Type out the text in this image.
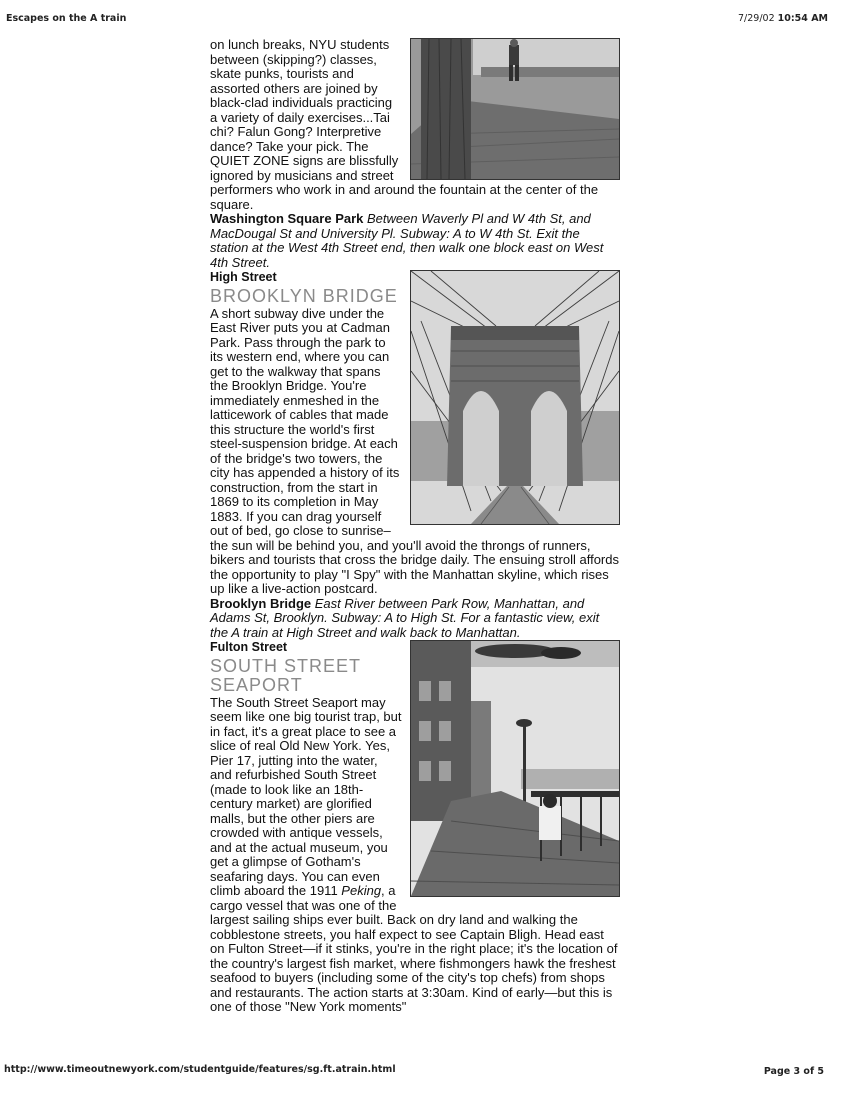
Escapes on the A train	7/29/02 10:54 AM

on lunch breaks, NYU students between (skipping?) classes, skate punks, tourists and assorted others are joined by black-clad individuals practicing a variety of daily exercises...Tai chi? Falun Gong? Interpretive dance? Take your pick. The QUIET ZONE signs are blissfully ignored by musicians and street performers who work in and around the fountain at the center of the square.

Washington Square Park Between Waverly Pl and W 4th St, and MacDougal St and University Pl. Subway: A to W 4th St. Exit the station at the West 4th Street end, then walk one block east on West 4th Street.

High Street
BROOKLYN BRIDGE

A short subway dive under the East River puts you at Cadman Park. Pass through the park to its western end, where you can get to the walkway that spans the Brooklyn Bridge. You're immediately enmeshed in the latticework of cables that made this structure the world's first steel-suspension bridge. At each of the bridge's two towers, the city has appended a history of its construction, from the start in 1869 to its completion in May 1883. If you can drag yourself out of bed, go close to sunrise–the sun will be behind you, and you'll avoid the throngs of runners, bikers and tourists that cross the bridge daily. The ensuing stroll affords the opportunity to play "I Spy" with the Manhattan skyline, which rises up like a live-action postcard.

Brooklyn Bridge East River between Park Row, Manhattan, and Adams St, Brooklyn. Subway: A to High St. For a fantastic view, exit the A train at High Street and walk back to Manhattan.

Fulton Street
SOUTH STREET SEAPORT

The South Street Seaport may seem like one big tourist trap, but in fact, it's a great place to see a slice of real Old New York. Yes, Pier 17, jutting into the water, and refurbished South Street (made to look like an 18th-century market) are glorified malls, but the other piers are crowded with antique vessels, and at the actual museum, you get a glimpse of Gotham's seafaring days. You can even climb aboard the 1911 Peking, a cargo vessel that was one of the largest sailing ships ever built. Back on dry land and walking the cobblestone streets, you half expect to see Captain Bligh. Head east on Fulton Street—if it stinks, you're in the right place; it's the location of the country's largest fish market, where fishmongers hawk the freshest seafood to buyers (including some of the city's top chefs) from shops and restaurants. The action starts at 3:30am. Kind of early—but this is one of those "New York moments"

http://www.timeoutnewyork.com/studentguide/features/sg.ft.atrain.html	Page 3 of 5
